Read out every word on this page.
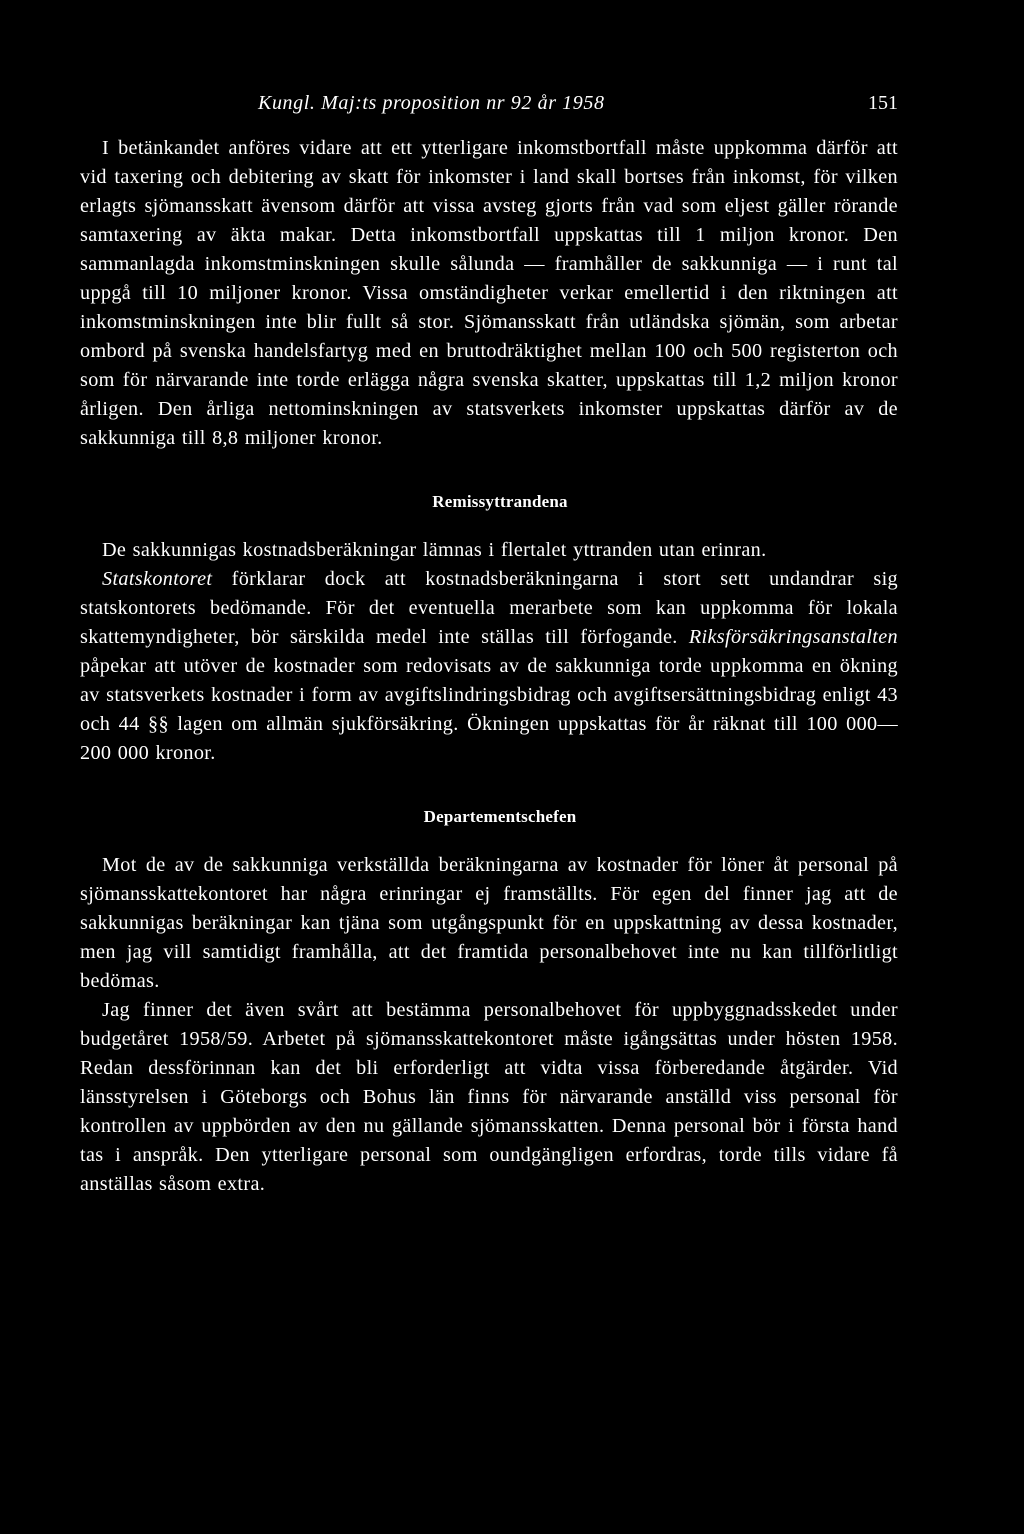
Kungl. Maj:ts proposition nr 92 år 1958	151

I betänkandet anföres vidare att ett ytterligare inkomstbortfall måste uppkomma därför att vid taxering och debitering av skatt för inkomster i land skall bortses från inkomst, för vilken erlagts sjömansskatt ävensom därför att vissa avsteg gjorts från vad som eljest gäller rörande samtaxering av äkta makar. Detta inkomstbortfall uppskattas till 1 miljon kronor. Den sammanlagda inkomstminskningen skulle sålunda — framhåller de sakkunniga — i runt tal uppgå till 10 miljoner kronor. Vissa omständigheter verkar emellertid i den riktningen att inkomstminskningen inte blir fullt så stor. Sjömansskatt från utländska sjömän, som arbetar ombord på svenska handelsfartyg med en bruttodräktighet mellan 100 och 500 registerton och som för närvarande inte torde erlägga några svenska skatter, uppskattas till 1,2 miljon kronor årligen. Den årliga nettominskningen av statsverkets inkomster uppskattas därför av de sakkunniga till 8,8 miljoner kronor.

Remissyttrandena

De sakkunnigas kostnadsberäkningar lämnas i flertalet yttranden utan erinran.

Statskontoret förklarar dock att kostnadsberäkningarna i stort sett undandrar sig statskontorets bedömande. För det eventuella merarbete som kan uppkomma för lokala skattemyndigheter, bör särskilda medel inte ställas till förfogande. Riksförsäkringsanstalten påpekar att utöver de kostnader som redovisats av de sakkunniga torde uppkomma en ökning av statsverkets kostnader i form av avgiftslindringsbidrag och avgiftsersättningsbidrag enligt 43 och 44 §§ lagen om allmän sjukförsäkring. Ökningen uppskattas för år räknat till 100 000—200 000 kronor.

Departementschefen

Mot de av de sakkunniga verkställda beräkningarna av kostnader för löner åt personal på sjömansskattekontoret har några erinringar ej framställts. För egen del finner jag att de sakkunnigas beräkningar kan tjäna som utgångspunkt för en uppskattning av dessa kostnader, men jag vill samtidigt framhålla, att det framtida personalbehovet inte nu kan tillförlitligt bedömas.

Jag finner det även svårt att bestämma personalbehovet för uppbyggnadsskedet under budgetåret 1958/59. Arbetet på sjömansskattekontoret måste igångsättas under hösten 1958. Redan dessförinnan kan det bli erforderligt att vidta vissa förberedande åtgärder. Vid länsstyrelsen i Göteborgs och Bohus län finns för närvarande anställd viss personal för kontrollen av uppbörden av den nu gällande sjömansskatten. Denna personal bör i första hand tas i anspråk. Den ytterligare personal som oundgängligen erfordras, torde tills vidare få anställas såsom extra.
